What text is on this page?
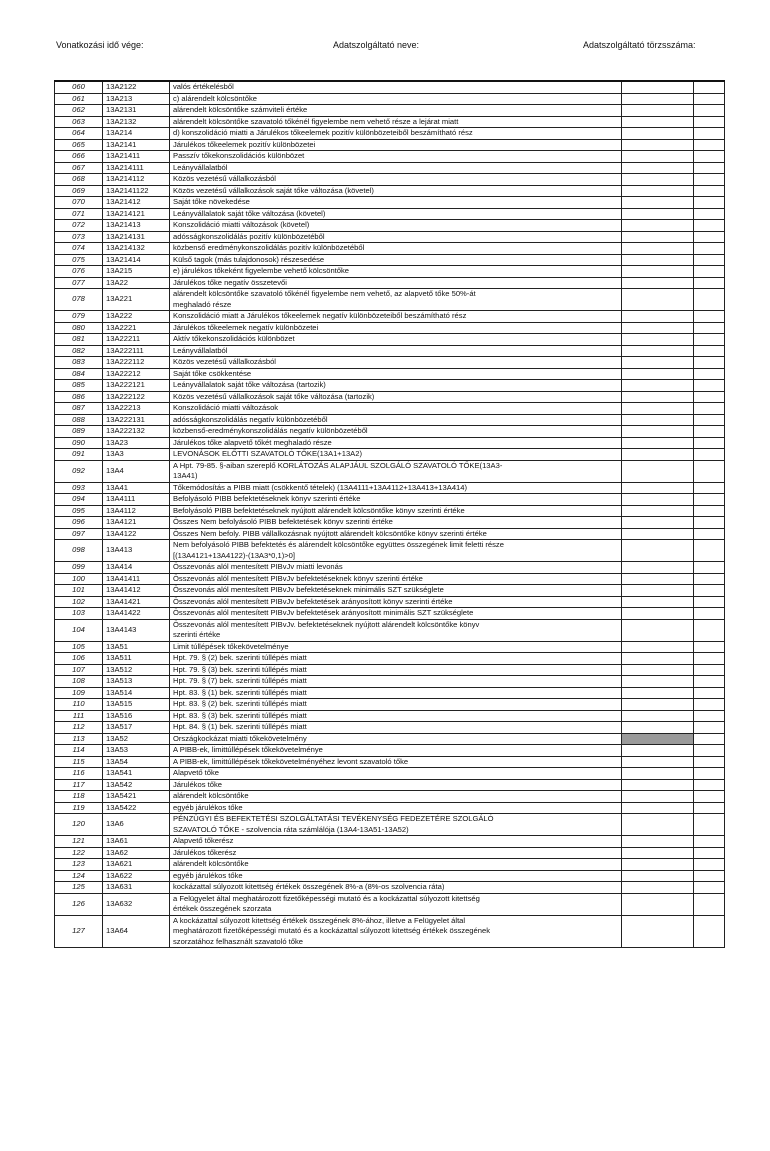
Vonatkozási idő vége:	Adatszolgáltató neve:	Adatszolgáltató törzsszáma:
060	13A2122	valós értékelésből		

061	13A213	c) alárendelt kölcsöntőke		

062	13A2131	alárendelt kölcsöntőke számviteli értéke		

063	13A2132	alárendelt kölcsöntőke szavatoló tőkénél figyelembe nem vehető része a lejárat miatt		

064	13A214	d) konszolidáció miatti a Járulékos tőkeelemek pozitív különbözeteiből beszámítható rész		

065	13A2141	Járulékos tőkeelemek pozitív különbözetei		

066	13A21411	Passzív tőkekonszolidációs különbözet		

067	13A214111	Leányvállalatból		

068	13A214112	Közös vezetésű vállalkozásból		

069	13A2141122	Közös vezetésű vállalkozások saját tőke változása (követel)		

070	13A21412	Saját tőke növekedése		

071	13A214121	Leányvállalatok saját tőke változása (követel)		

072	13A21413	Konszolidáció miatti változások (követel)		

073	13A214131	adósságkonszolidálás pozitív különbözetéből		

074	13A214132	közbenső eredménykonszolidálás pozitív különbözetéből		

075	13A21414	Külső tagok (más tulajdonosok) részesedése		

076	13A215	e) járulékos tőkeként figyelembe vehető kölcsöntőke		

077	13A22	Járulékos tőke negatív összetevői		

078	13A221	alárendelt kölcsöntőke szavatoló tőkénél figyelembe nem vehető, az alapvető tőke 50%-át
meghaladó része		

079	13A222	Konszolidáció miatt a Járulékos tőkeelemek negatív különbözeteiből beszámítható rész		

080	13A2221	Járulékos tőkeelemek negatív különbözetei		

081	13A22211	Aktív tőkekonszolidációs különbözet		

082	13A222111	Leányvállalatból		

083	13A222112	Közös vezetésű vállalkozásból		

084	13A22212	Saját tőke csökkentése		

085	13A222121	Leányvállalatok saját tőke változása (tartozik)		

086	13A222122	Közös vezetésű vállalkozások saját tőke változása (tartozik)		

087	13A22213	Konszolidáció miatti változások		

088	13A222131	adósságkonszolidálás negatív különbözetéből		

089	13A222132	közbenső-eredménykonszolidálás negatív különbözetéből		

090	13A23	Járulékos tőke alapvető tőkét meghaladó része		

091	13A3	LEVONÁSOK ELŐTTI SZAVATOLÓ TŐKE(13A1+13A2)		

092	13A4	A Hpt. 79-85. §-aiban szereplő KORLÁTOZÁS ALAPJÁUL SZOLGÁLÓ SZAVATOLÓ TŐKE(13A3-
13A41)		

093	13A41	Tőkemódosítás a PIBB miatt (csökkentő tételek) (13A4111+13A4112+13A413+13A414)		

094	13A4111	Befolyásoló PIBB befektetéseknek könyv szerinti értéke		

095	13A4112	Befolyásoló PIBB befektetéseknek nyújtott alárendelt kölcsöntőke könyv szerinti értéke		

096	13A4121	Összes Nem befolyásoló PIBB befektetések könyv szerinti értéke		

097	13A4122	Összes Nem befoly. PIBB vállalkozásnak nyújtott alárendelt kölcsöntőke könyv szerinti értéke		

098	13A413	Nem befolyásoló PIBB befektetés és alárendelt kölcsöntőke együttes összegének limit feletti része
[(13A4121+13A4122)-(13A3*0,1)>0]		

099	13A414	Összevonás alól mentesített PIBvJv miatti levonás		

100	13A41411	Összevonás alól mentesített PIBvJv befektetéseknek könyv szerinti értéke		

101	13A41412	Összevonás alól mentesített PIBvJv befektetéseknek minimális SZT szükséglete		

102	13A41421	Összevonás alól mentesített PIBvJv befektetések arányosított könyv szerinti értéke		

103	13A41422	Összevonás alól mentesített PIBvJv befektetések arányosított minimális SZT szükséglete		

104	13A4143	Összevonás alól mentesített PIBvJv. befektetéseknek nyújtott alárendelt kölcsöntőke könyv
szerinti értéke		

105	13A51	Limit túllépések tőkekövetelménye		

106	13A511	Hpt. 79. § (2) bek. szerinti túllépés miatt		

107	13A512	Hpt. 79. § (3) bek. szerinti túllépés miatt		

108	13A513	Hpt. 79. § (7) bek. szerinti túllépés miatt		

109	13A514	Hpt. 83. § (1) bek. szerinti túllépés miatt		

110	13A515	Hpt. 83. § (2) bek. szerinti túllépés miatt		

111	13A516	Hpt. 83. § (3) bek. szerinti túllépés miatt		

112	13A517	Hpt. 84. § (1) bek. szerinti túllépés miatt		

113	13A52	Országkockázat miatti tőkekövetelmény		

114	13A53	A PIBB-ek, limittúllépések tőkekövetelménye		

115	13A54	A PIBB-ek, limittúllépések tőkekövetelményéhez levont szavatoló tőke		

116	13A541	Alapvető tőke		

117	13A542	Járulékos tőke		

118	13A5421	alárendelt kölcsöntőke		

119	13A5422	egyéb járulékos tőke		

120	13A6	PÉNZÜGYI ÉS BEFEKTETÉSI SZOLGÁLTATÁSI TEVÉKENYSÉG FEDEZETÉRE SZOLGÁLÓ
SZAVATOLÓ TŐKE - szolvencia ráta számlálója (13A4-13A51-13A52)		

121	13A61	Alapvető tőkerész		

122	13A62	Járulékos tőkerész		

123	13A621	alárendelt kölcsöntőke		

124	13A622	egyéb járulékos tőke		

125	13A631	kockázattal súlyozott kitettség értékek összegének 8%-a (8%-os szolvencia ráta)		

126	13A632	a Felügyelet által meghatározott fizetőképességi mutató és a kockázattal súlyozott kitettség
értékek összegének szorzata		

127	13A64	A kockázattal súlyozott kitettség értékek összegének 8%-ához, illetve a Felügyelet által
meghatározott fizetőképességi mutató és a kockázattal súlyozott kitettség értékek összegének
szorzatához felhasznált szavatoló tőke		
